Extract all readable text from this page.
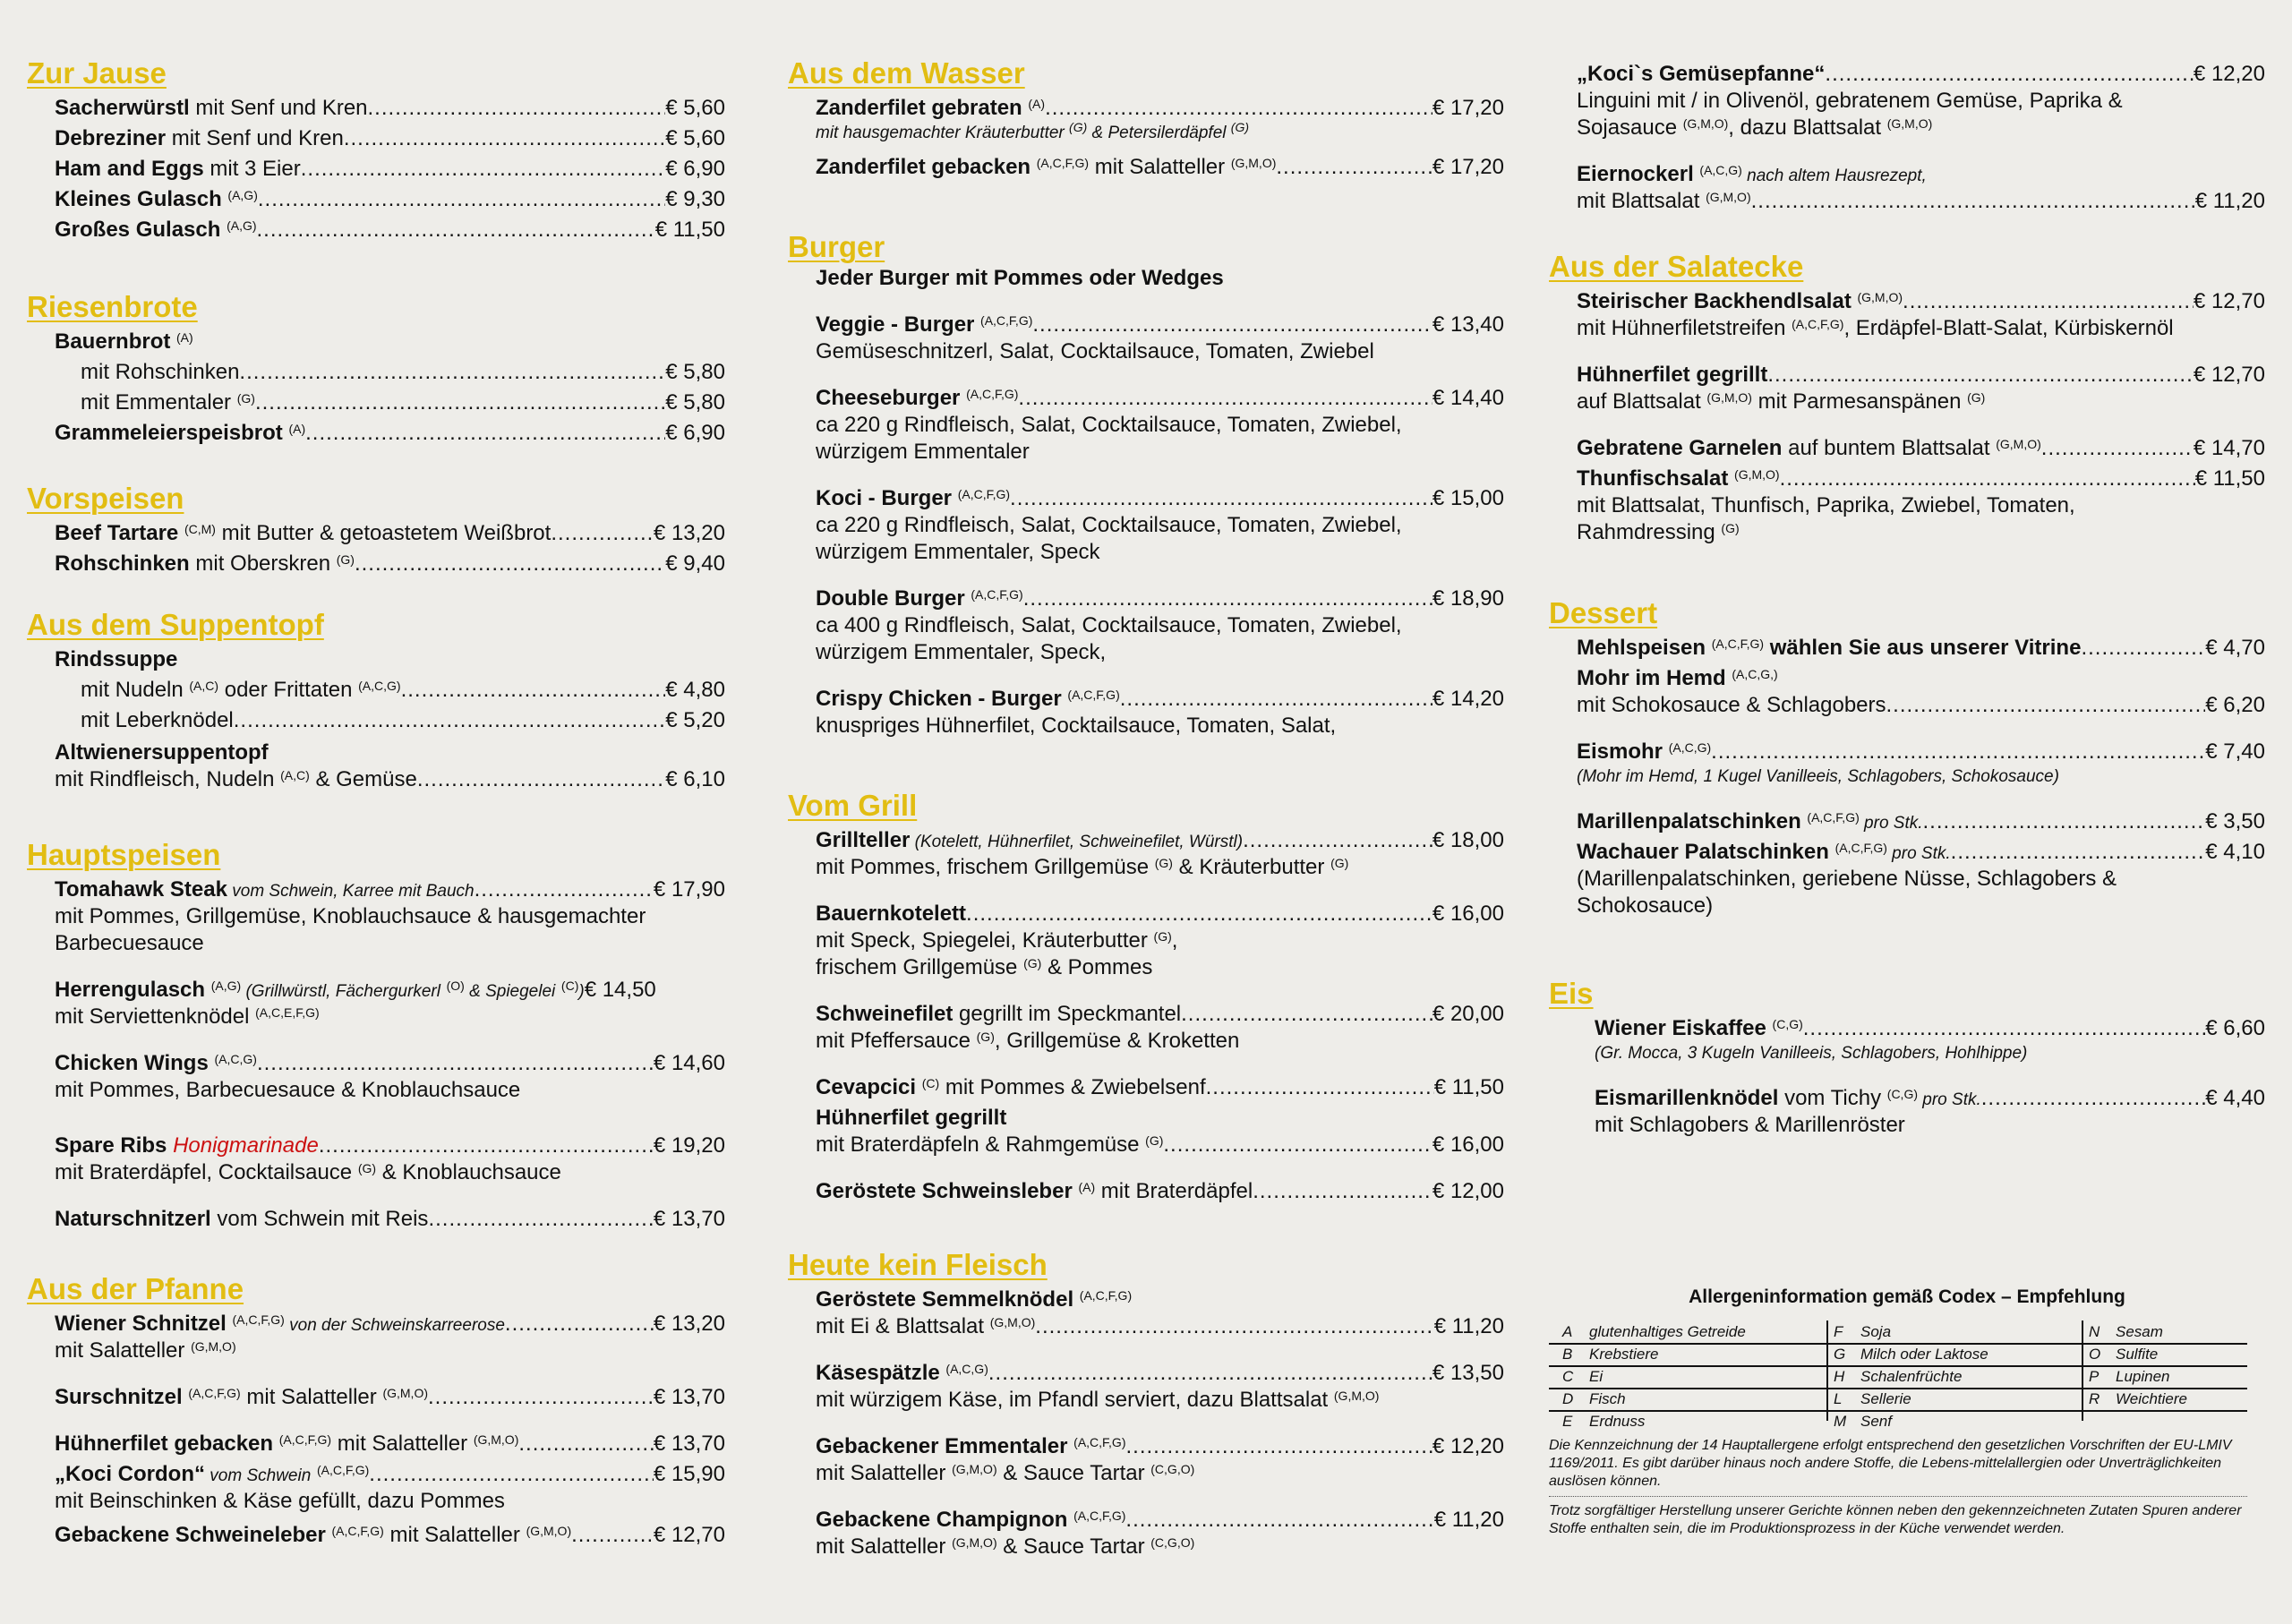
Zur Jause
Sacherwürstl mit Senf und Kren .....	€ 5,60
Debreziner mit Senf und Kren .....	€ 5,60
Ham and Eggs mit 3 Eier .....	€ 6,90
Kleines Gulasch $^{(A,G)}$ .....	€ 9,30
Großes Gulasch $^{(A,G)}$ .....	€ 11,50
Riesenbrote
Bauernbrot $^{(A)}$
mit Rohschinken .....	€ 5,80
mit Emmentaler $^{(G)}$ .....	€ 5,80
Grammeleierspeisbrot $^{(A)}$ .....	€ 6,90
Vorspeisen
Beef Tartare $^{(C,M)}$ mit Butter & getoastetem Weißbrot .....	€ 13,20
Rohschinken mit Oberskren $^{(G)}$ .....	€ 9,40
Aus dem Suppentopf
Rindssuppe
mit Nudeln $^{(A,C)}$ oder Frittaten $^{(A,C,G)}$ .....	€ 4,80
mit Leberknödel .....	€ 5,20
Altwienersuppentopf
mit Rindfleisch, Nudeln $^{(A,C)}$ & Gemüse .....	€ 6,10
Hauptspeisen
Tomahawk Steak vom Schwein, Karree mit Bauch .....	€ 17,90
mit Pommes, Grillgemüse, Knoblauchsauce & hausgemachter
Barbecuesauce
Herrengulasch $^{(A,G)}$ (Grillwürstl, Fächergurkerl $^{(O)}$ & Spiegelei $^{(C)}$) € 14,50
mit Serviettenknödel $^{(A,C,E,F,G)}$
Chicken Wings $^{(A,C,G)}$ .....	€ 14,60
mit Pommes, Barbecuesauce & Knoblauchsauce
Spare Ribs Honigmarinade .....	€ 19,20
mit Braterdäpfel, Cocktailsauce $^{(G)}$ & Knoblauchsauce
Naturschnitzerl vom Schwein mit Reis .....	€ 13,70
Aus der Pfanne
Wiener Schnitzel $^{(A,C,F,G)}$ von der Schweinskarreerose .....	€ 13,20
mit Salatteller $^{(G,M,O)}$
Surschnitzel $^{(A,C,F,G)}$ mit Salatteller $^{(G,M,O)}$ .....	€ 13,70
Hühnerfilet gebacken $^{(A,C,F,G)}$ mit Salatteller $^{(G,M,O)}$ .....	€ 13,70
„Koci Cordon“ vom Schwein $^{(A,C,F,G)}$ .....	€ 15,90
mit Beinschinken & Käse gefüllt, dazu Pommes
Gebackene Schweineleber $^{(A,C,F,G)}$ mit Salatteller $^{(G,M,O)}$ .....	€ 12,70
Aus dem Wasser
Zanderfilet gebraten $^{(A)}$ .....	€ 17,20
mit hausgemachter Kräuterbutter $^{(G)}$ & Petersilerdäpfel $^{(G)}$
Zanderfilet gebacken $^{(A,C,F,G)}$ mit Salatteller $^{(G,M,O)}$ .....	€ 17,20
Burger
Jeder Burger mit Pommes oder Wedges
Veggie - Burger $^{(A,C,F,G)}$ .....	€ 13,40
Gemüseschnitzerl, Salat, Cocktailsauce, Tomaten, Zwiebel
Cheeseburger $^{(A,C,F,G)}$ .....	€ 14,40
ca 220 g Rindfleisch, Salat, Cocktailsauce, Tomaten, Zwiebel,
würzigem Emmentaler
Koci - Burger $^{(A,C,F,G)}$ .....	€ 15,00
ca 220 g Rindfleisch, Salat, Cocktailsauce, Tomaten, Zwiebel,
würzigem Emmentaler, Speck
Double Burger $^{(A,C,F,G)}$ .....	€ 18,90
ca 400 g Rindfleisch, Salat, Cocktailsauce, Tomaten, Zwiebel,
würzigem Emmentaler, Speck,
Crispy Chicken - Burger $^{(A,C,F,G)}$ .....	€ 14,20
knuspriges Hühnerfilet, Cocktailsauce, Tomaten, Salat,
Vom Grill
Grillteller (Kotelett, Hühnerfilet, Schweinefilet, Würstl) .....	€ 18,00
mit Pommes, frischem Grillgemüse $^{(G)}$ & Kräuterbutter $^{(G)}$
Bauernkotelett .....	€ 16,00
mit Speck, Spiegelei, Kräuterbutter $^{(G)}$,
frischem Grillgemüse $^{(G)}$ & Pommes
Schweinefilet gegrillt im Speckmantel .....	€ 20,00
mit Pfeffersauce $^{(G)}$, Grillgemüse & Kroketten
Cevapcici $^{(C)}$ mit Pommes & Zwiebelsenf .....	€ 11,50
Hühnerfilet gegrillt
mit Braterdäpfeln & Rahmgemüse $^{(G)}$ .....	€ 16,00
Geröstete Schweinsleber $^{(A)}$ mit Braterdäpfel .....	€ 12,00
Heute kein Fleisch
Geröstete Semmelknödel $^{(A,C,F,G)}$
mit Ei & Blattsalat $^{(G,M,O)}$ .....	€ 11,20
Käsespätzle $^{(A,C,G)}$ .....	€ 13,50
mit würzigem Käse, im Pfandl serviert, dazu Blattsalat $^{(G,M,O)}$
Gebackener Emmentaler $^{(A,C,F,G)}$ .....	€ 12,20
mit Salatteller $^{(G,M,O)}$ & Sauce Tartar $^{(C,G,O)}$
Gebackene Champignon $^{(A,C,F,G)}$ .....	€ 11,20
mit Salatteller $^{(G,M,O)}$ & Sauce Tartar $^{(C,G,O)}$
„Koci`s Gemüsepfanne“ .....	€ 12,20
Linguini mit / in Olivenöl, gebratenem Gemüse, Paprika &
Sojasauce $^{(G,M,O)}$, dazu Blattsalat $^{(G,M,O)}$
Eiernockerl $^{(A,C,G)}$ nach altem Hausrezept,
mit Blattsalat $^{(G,M,O)}$ .....	€ 11,20
Aus der Salatecke
Steirischer Backhendlsalat $^{(G,M,O)}$ .....	€ 12,70
mit Hühnerfiletstreifen $^{(A,C,F,G)}$, Erdäpfel-Blatt-Salat, Kürbiskernöl
Hühnerfilet gegrillt .....	€ 12,70
auf Blattsalat $^{(G,M,O)}$ mit Parmesanspänen $^{(G)}$
Gebratene Garnelen auf buntem Blattsalat $^{(G,M,O)}$ .....	€ 14,70
Thunfischsalat $^{(G,M,O)}$ .....	€ 11,50
mit Blattsalat, Thunfisch, Paprika, Zwiebel, Tomaten,
Rahmdressing $^{(G)}$
Dessert
Mehlspeisen $^{(A,C,F,G)}$ wählen Sie aus unserer Vitrine .....	€ 4,70
Mohr im Hemd $^{(A,C,G,)}$
mit Schokosauce & Schlagobers .....	€ 6,20
Eismohr $^{(A,C,G)}$ .....	€ 7,40
(Mohr im Hemd, 1 Kugel Vanilleeis, Schlagobers, Schokosauce)
Marillenpalatschinken $^{(A,C,F,G)}$ pro Stk. .....	€ 3,50
Wachauer Palatschinken $^{(A,C,F,G)}$ pro Stk. .....	€ 4,10
(Marillenpalatschinken, geriebene Nüsse, Schlagobers &
Schokosauce)
Eis
Wiener Eiskaffee $^{(C,G)}$ .....	€ 6,60
(Gr. Mocca, 3 Kugeln Vanilleeis, Schlagobers, Hohlhippe)
Eismarillenknödel vom Tichy $^{(C,G)}$ pro Stk. .....	€ 4,40
mit Schlagobers & Marillenröster
Allergeninformation gemäß Codex – Empfehlung
A	glutenhaltiges Getreide	F	Soja	N	Sesam
B	Krebstiere	G Milch oder Laktose	O Sulfite
C	Ei	H	Schalenfrüchte	P	Lupinen
D	Fisch	L	Sellerie	R	Weichtiere
E	Erdnuss	M Senf
Die Kennzeichnung der 14 Hauptallergene erfolgt entsprechend den gesetzlichen Vorschriften der EU-LMIV 1169/2011. Es gibt darüber hinaus noch andere Stoffe, die Lebens-mittelallergien oder Unverträglichkeiten auslösen können.
Trotz sorgfältiger Herstellung unserer Gerichte können neben den gekennzeichneten Zutaten Spuren anderer Stoffe enthalten sein, die im Produktionsprozess in der Küche verwendet werden.
